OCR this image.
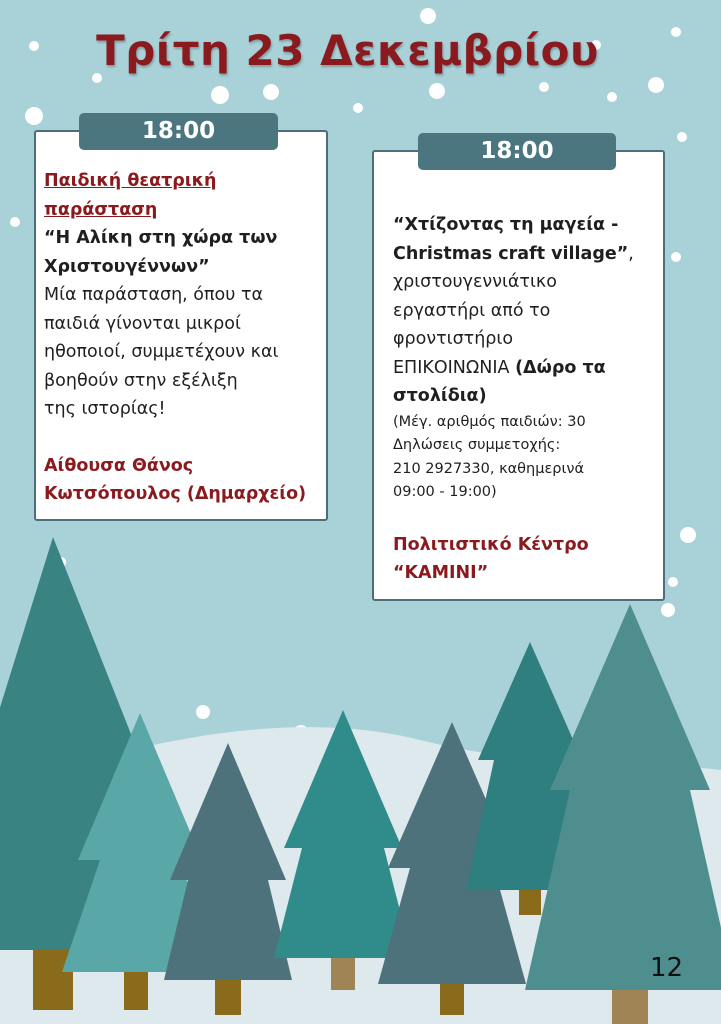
Τρίτη 23 Δεκεμβρίου
18:00
Παιδική θεατρική
παράσταση
“Η Αλίκη στη χώρα των
Χριστουγέννων”
Μία παράσταση, όπου τα
παιδιά γίνονται μικροί
ηθοποιοί, συμμετέχουν και
βοηθούν στην εξέλιξη
της ιστορίας!
Αίθουσα Θάνος
Κωτσόπουλος (Δημαρχείο)
18:00
“Χτίζοντας τη μαγεία -
Christmas craft village”,
χριστουγεννιάτικο
εργαστήρι από το
φροντιστήριο
ΕΠΙΚΟΙΝΩΝΙΑ (Δώρο τα
στολίδια)
(Μέγ. αριθμός παιδιών: 30
Δηλώσεις συμμετοχής:
210 2927330, καθημερινά
09:00 - 19:00)
Πολιτιστικό Κέντρο
“ΚΑΜΙΝΙ”
12
